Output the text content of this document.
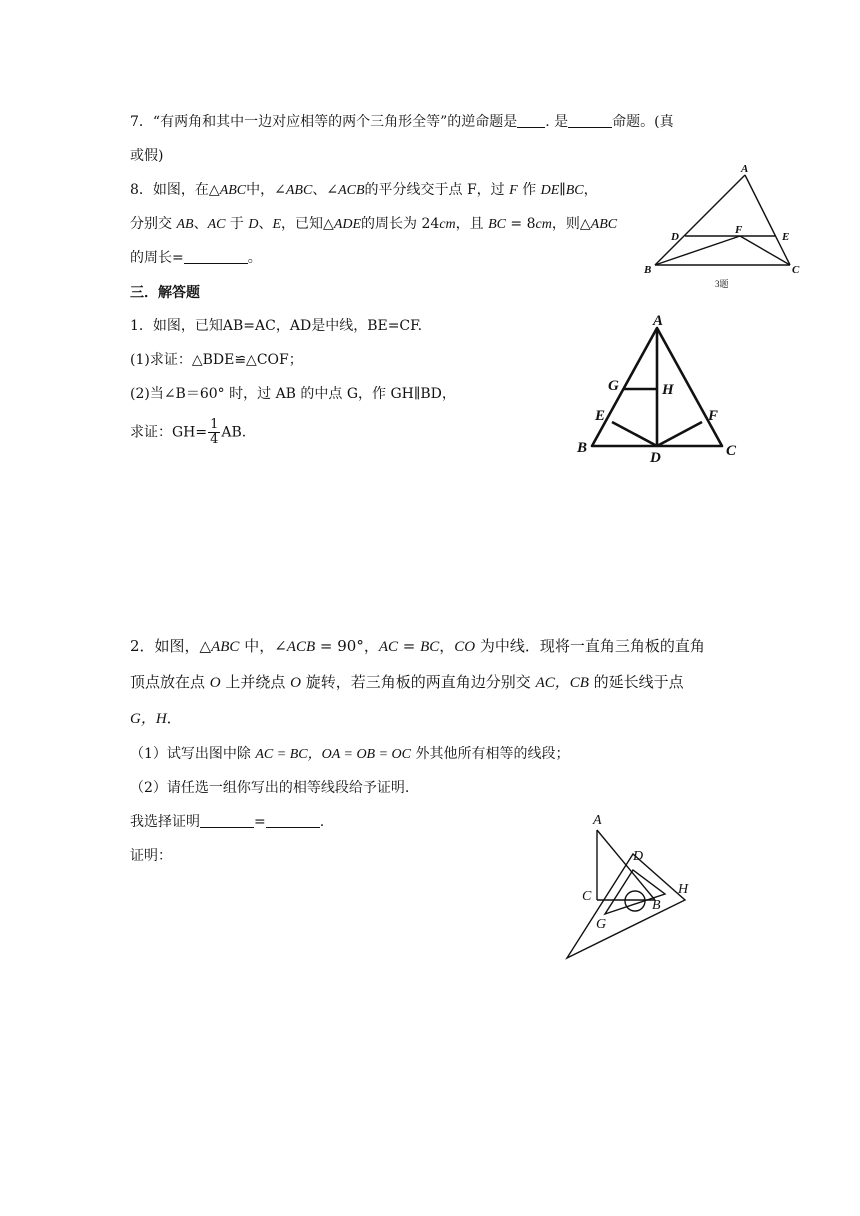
7．“有两角和其中一边对应相等的两个三角形全等”的逆命题是 . 是	命题。(真
或假)
8．如图，在△ABC中，∠ABC、∠ACB的平分线交于点 F，过 F 作 DE∥BC，
分别交 AB、AC 于 D、E，已知△ADE的周长为 24cm，且 BC = 8cm，则△ABC
的周长=	。
A
B	C
D	E
F
3题
三．解答题
1．如图，已知AB=AC，AD是中线，BE=CF.
(1)求证：△BDE≌△COF；
(2)当∠B＝60° 时，过 AB 的中点 G，作 GH∥BD，
求证：$GH= \frac{1}{4}$ AB.
A
B	C
D
E	F
G	H
2．如图，△ABC 中，∠ACB = 90°，AC = BC，CO 为中线．现将一直角三角板的直角
顶点放在点 O 上并绕点 O 旋转，若三角板的两直角边分别交 AC，CB 的延长线于点
G，H．
（1）试写出图中除 AC = BC，OA = OB = OC 外其他所有相等的线段；
（2）请任选一组你写出的相等线段给予证明.
我选择证明	=	.
证明：
A
C
D
H
B
G
